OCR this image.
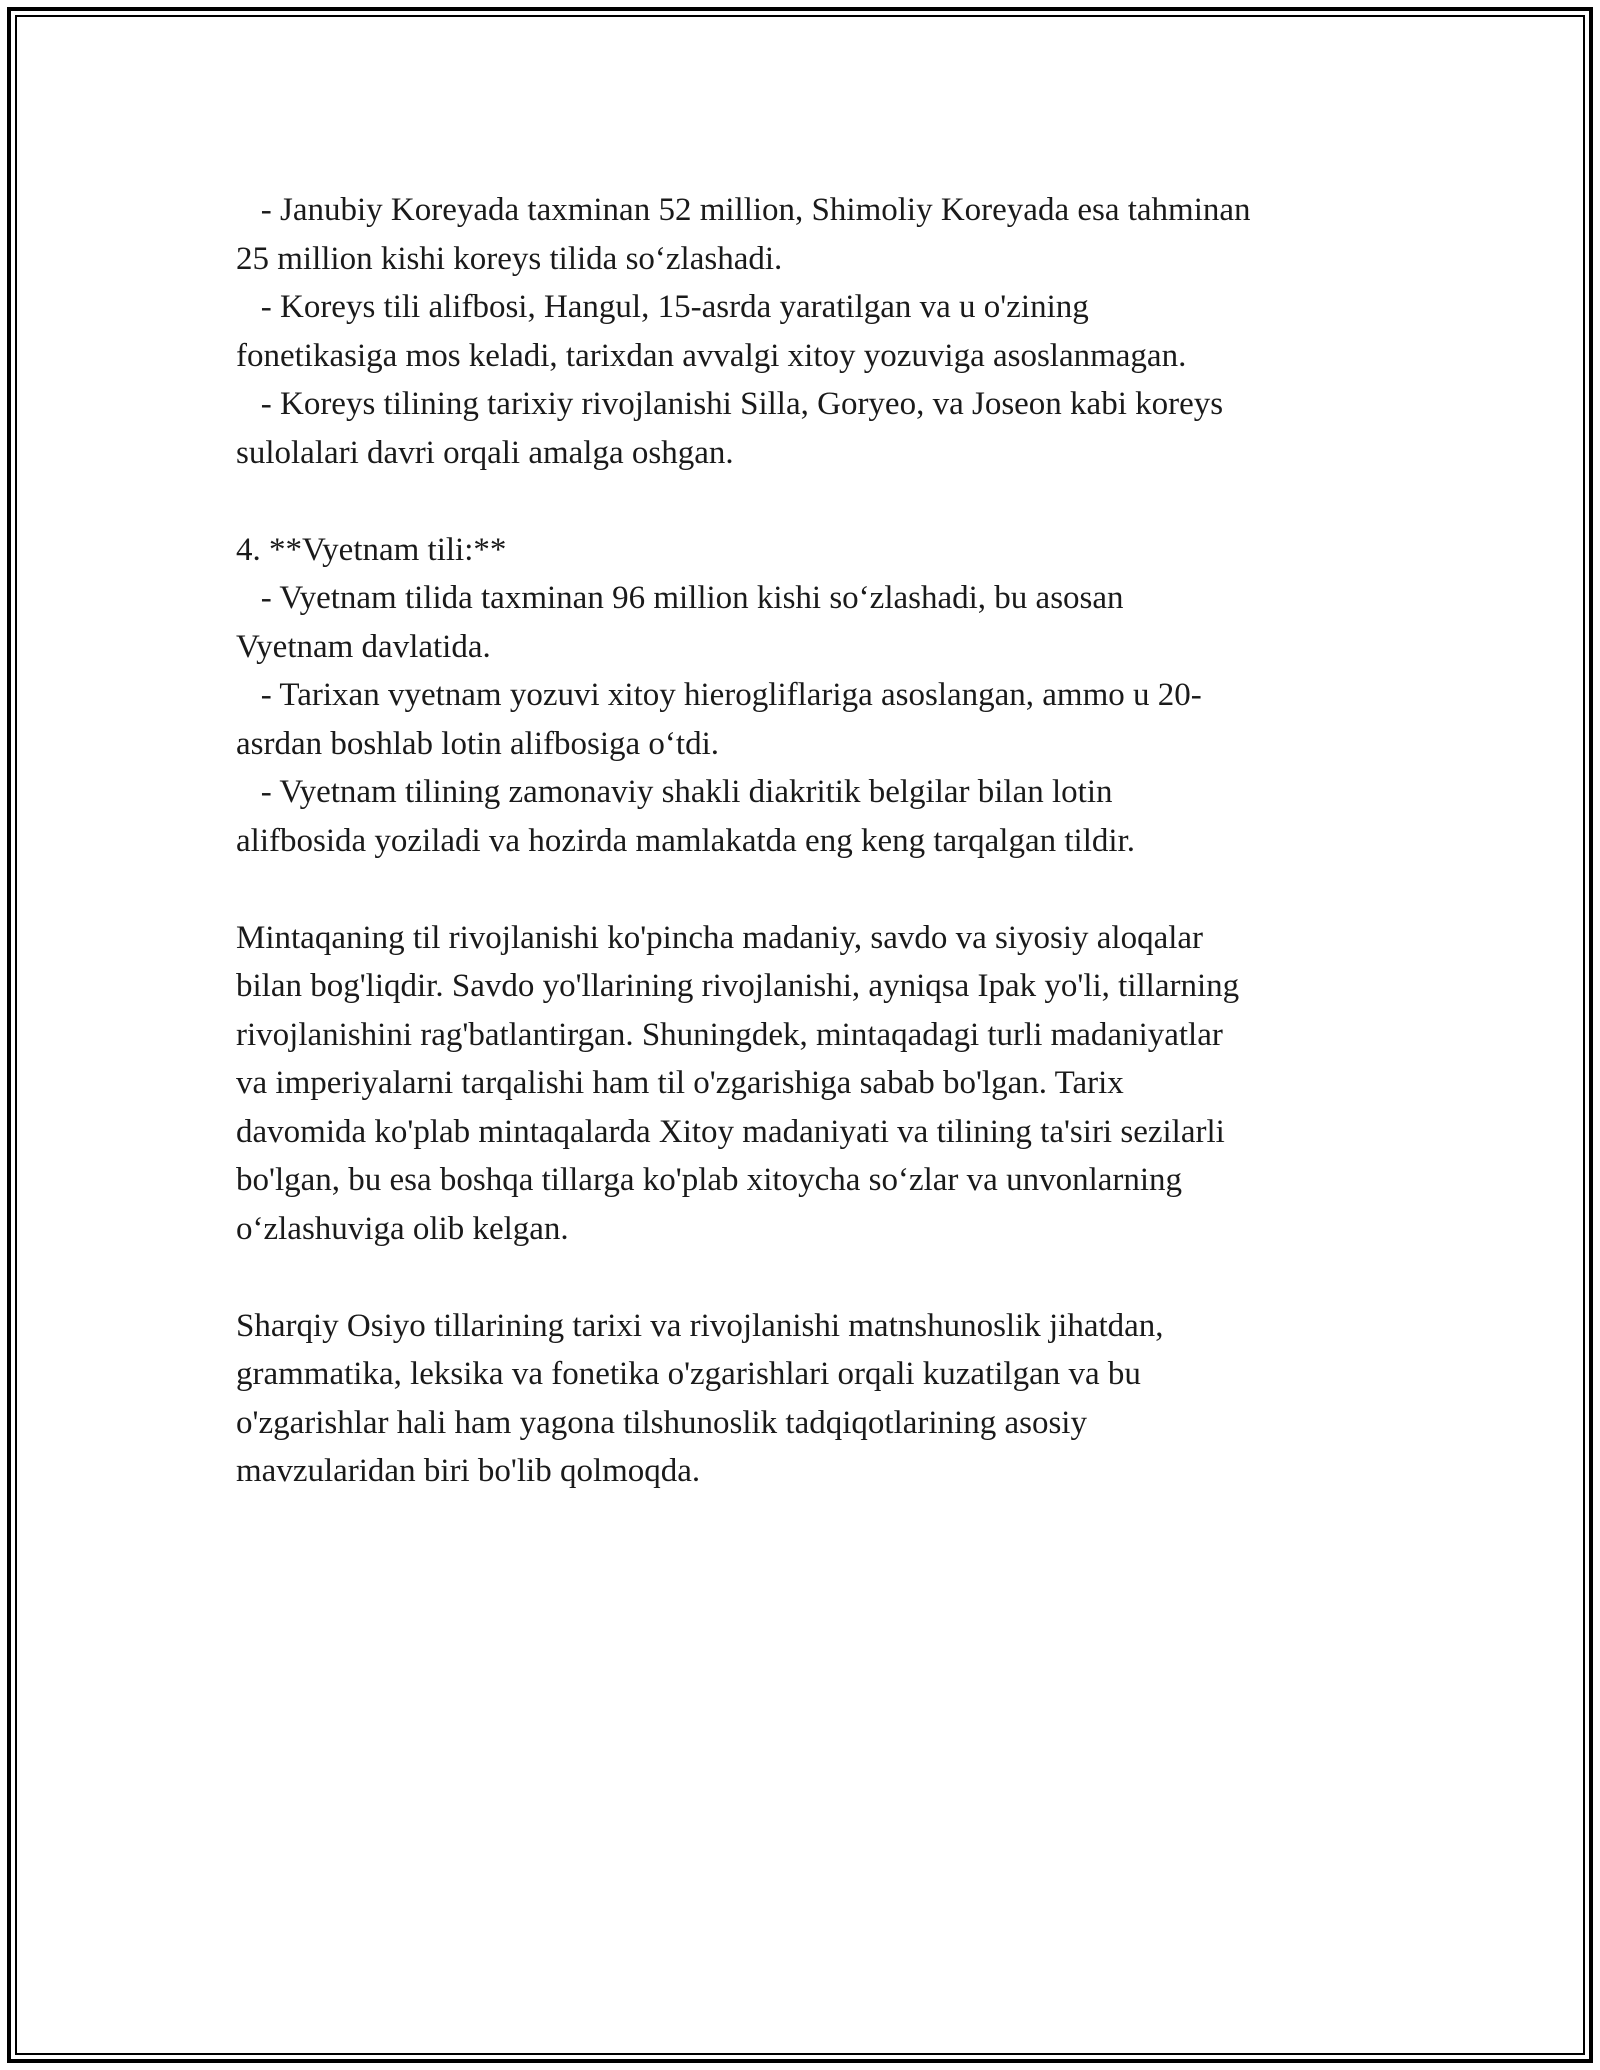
- Janubiy Koreyada taxminan 52 million, Shimoliy Koreyada esa tahminan

25 million kishi koreys tilida so‘zlashadi.

- Koreys tili alifbosi, Hangul, 15-asrda yaratilgan va u o'zining

fonetikasiga mos keladi, tarixdan avvalgi xitoy yozuviga asoslanmagan.

- Koreys tilining tarixiy rivojlanishi Silla, Goryeo, va Joseon kabi koreys

sulolalari davri orqali amalga oshgan.

4. **Vyetnam tili:**

- Vyetnam tilida taxminan 96 million kishi so‘zlashadi, bu asosan

Vyetnam davlatida.

- Tarixan vyetnam yozuvi xitoy hierogliflariga asoslangan, ammo u 20-

asrdan boshlab lotin alifbosiga o‘tdi.

- Vyetnam tilining zamonaviy shakli diakritik belgilar bilan lotin

alifbosida yoziladi va hozirda mamlakatda eng keng tarqalgan tildir.

Mintaqaning til rivojlanishi ko'pincha madaniy, savdo va siyosiy aloqalar

bilan bog'liqdir. Savdo yo'llarining rivojlanishi, ayniqsa Ipak yo'li, tillarning

rivojlanishini rag'batlantirgan. Shuningdek, mintaqadagi turli madaniyatlar

va imperiyalarni tarqalishi ham til o'zgarishiga sabab bo'lgan. Tarix

davomida ko'plab mintaqalarda Xitoy madaniyati va tilining ta'siri sezilarli

bo'lgan, bu esa boshqa tillarga ko'plab xitoycha so‘zlar va unvonlarning

o‘zlashuviga olib kelgan.

Sharqiy Osiyo tillarining tarixi va rivojlanishi matnshunoslik jihatdan,

grammatika, leksika va fonetika o'zgarishlari orqali kuzatilgan va bu

o'zgarishlar hali ham yagona tilshunoslik tadqiqotlarining asosiy

mavzularidan biri bo'lib qolmoqda.
